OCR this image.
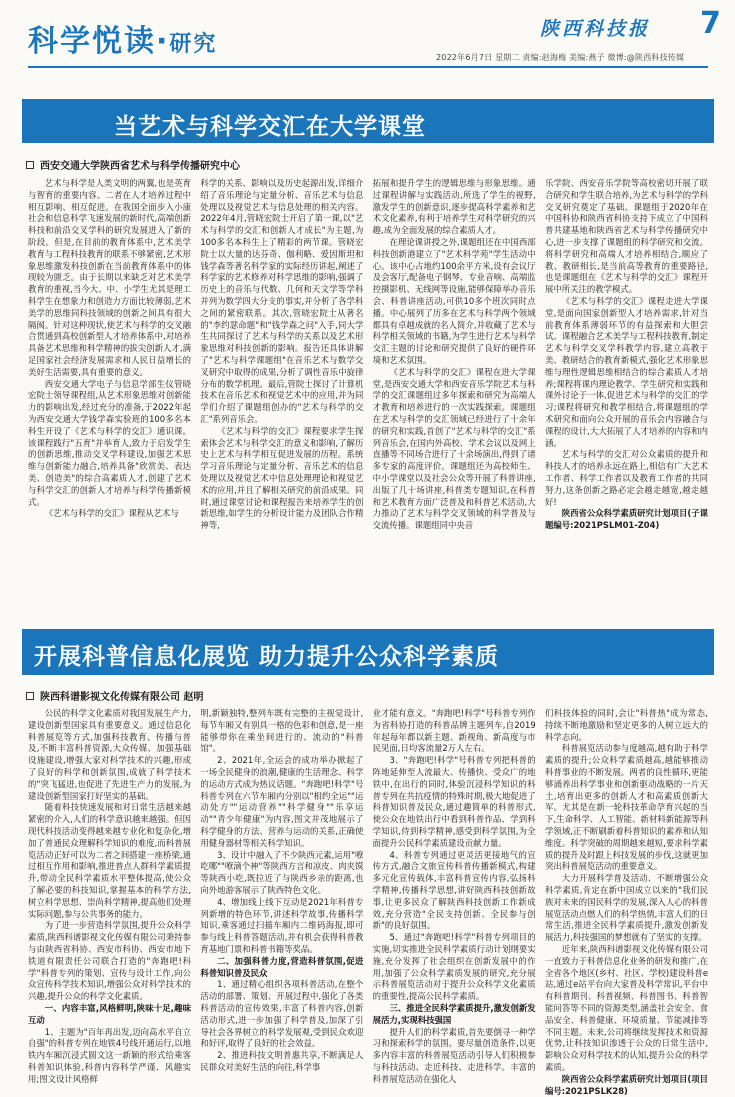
科学悦读·研究
陕西科技报 7
2022年6月7日 星期二 责编:赵海梅 美编:燕子 微博:@陕西科技传媒
当艺术与科学交汇在大学课堂
西安交通大学陕西省艺术与科学传播研究中心

艺术与科学是人类文明的两翼,也是英育与智育的重要内容。二者在人才培养过程中相互影响、相互促进。在我国全面步入小康社会和信息科学飞速发展的新时代,高端创新科技和前沿交叉学科的研究发展进入了新的阶段。但是,在目前的教育体系中,艺术美学教育与工程科技教育的联系不够紧密,艺术形象思维激发科技创新在当前教育体系中的体现较为匮乏。由于长期以来缺乏对艺术美学教育的重视,当今大、中、小学生尤其是理工科学生在想象力和创造力方面比较薄弱,艺术美学的思维同科技领域的创新之间具有很大隔阂。针对这种现状,使艺术与科学的交叉融合贯通到高校创新型人才培养体系中,对培养具备艺术思维和科学精神的拔尖创新人才,满足国家社会经济发展需求和人民日益增长的美好生活需要,具有重要的意义。

西安交通大学电子与信息学部生仪管晓宏院士领导课程组,从艺术形象思维对创新能力的影响出发,经过充分的准备,于2022年起为西安交通大学钱学森实验班的100多名本科生开设了《艺术与科学的交汇》通识课。该课程践行"五育"并举育人,致力于启发学生的创新思维,推动交叉学科建设,加强艺术思维与创新能力融合,培养具备"欣赏美、表达美、创造美"的综合高素质人才,创建了艺术与科学交汇的创新人才培养与科学传播新模式。

《艺术与科学的交汇》课程从艺术与

科学的关系、影响以及历史起源出发,详细介绍了音乐理论与定量分析、音乐艺术与信息处理以及视觉艺术与信息处理的相关内容。2022年4月,管晓宏院士开启了第一课,以"艺术与科学的交汇和创新人才成长"为主题,为100多名本科生上了精彩的两节课。管晓宏院士以大量的达芬奇、伽利略、爱因斯坦和钱学森等著名科学家的实际经历讲起,阐述了科学家的艺术修养对科学思维的影响,强调了历史上的音乐与代数、几何和天文学等学科并列为数学四大分支的事实,并分析了各学科之间的紧密联系。其次,管晓宏院士从著名的"李约瑟命题"和"钱学森之问"入手,同大学生共同探讨了艺术与科学的关系以及艺术形象思维对科技创新的影响。报告还具体讲解了"艺术与科学课题组"在音乐艺术与数学交叉研究中取得的成果,分析了调性音乐中旋律分布的数学机理。最后,管院士探讨了计算机技术在音乐艺术和视觉艺术中的应用,并为同学们介绍了课题组创办的"艺术与科学的交汇"系列音乐会。

《艺术与科学的交汇》课程要求学生探索体会艺术与科学交汇的意义和影响,了解历史上艺术与科学相互促进发展的历程。系统学习音乐理论与定量分析、音乐艺术的信息处理以及视觉艺术中信息处理理论和视觉艺术的应用,并且了解相关研究的前沿成果。同时,通过课堂讨论和课程报告来培养学生的创新思维,如学生的分析设计能力及团队合作精神等,

拓展和提升学生的逻辑思维与形象思维。通过课程讲解与实践活动,所选了学生的视野,激发学生的创新意识,逐步提高科学素养和艺术文化素养,有利于培养学生对科学研究的兴趣,成为全面发展的综合素质人才。

在理论课讲授之外,课题组还在中国西部科技创新港建立了"艺术科学苑"学生活动中心。该中心占地约100余平方米,设有会议厅及会客厅,配备电子钢琴、专业音响、高端监控摄影机、无线网等设施,能够保障举办音乐会、科普讲座活动,可供10多个班次同时点播。中心展列了历多在艺术与科学两个领域都具有卓越成就的名人简介,并收藏了艺术与科学相关领域的书籍,为学生进行艺术与科学交汇主题的讨论和研究提供了良好的硬件环境和艺术氛围。

《艺术与科学的交汇》课程在进大学课堂,是西安交通大学和西安音乐学院艺术与科学的交汇课题组过多年探索和研究为高端人才教育和培养进行的一次实践探索。课题组在艺术与科学的交汇领域已经进行了十余年的研究和实践,首创了"艺术与科学的交汇"系列音乐会,在国内外高校、学术会议以及网上直播等不同场合进行了十余场演出,得到了诸多专家的高度评价。课题组还为高校师生、中小学课堂以及社会公众等开展了科普讲座,出版了几十场讲座,科普类专题知识,在科普和艺术教育方面广泛普及和科普艺术活动,大力推动了艺术与科学交叉领域的科学普及与交流传播。课题组同中央音

乐学院、西安音乐学院等高校密切开展了联合研究和学生联合培养,为艺术与科学的学科交叉研究奠定了基础。课题组于2020年在中国科协和陕西省科协支持下成立了中国科普共建基地和陕西省艺术与科学传播研究中心,进一步支撑了课题组的科学研究和交流。将科学研究和高端人才培养相结合,顺应了教、教研相长,是当前高等教育的重要路径,也是课题组在《艺术与科学的交汇》课程开展中所关注的教学模式。

《艺术与科学的交汇》课程走进大学课堂,是面向国家创新型人才培养需求,针对当前教育体系薄弱环节的有益探索和大胆尝试。课程融合艺术美学与工程科技教育,制定艺术与科学交叉学科教学内容,建立高教于美、教研结合的教育新模式,强化艺术形象思维与理性逻辑思维相结合的综合素质人才培养;课程将课内理论教学、学生研究和实践和课外讨论于一体,促进艺术与科学的交汇的学习;课程将研究和教学相结合,将课题组的学术研究和面向公众开展的音乐会内容融合与课程的设计,大大拓展了人才培养的内容和内涵。

艺术与科学的交汇对公众素质的提升和科技人才的培养永远在路上,相信有广大艺术工作者、科学工作者以及教育工作者的共同努力,这条创新之路必定会越走越宽,越走越好!

陕西省公众科学素质研究计划项目(子课题编号:2021PSLM01-Z04)

开展科普信息化展览 助力提升公众科学素质
陕西科谱影视文化传媒有限公司 赵明

公民的科学文化素质对我国发展生产力,建设创新型国家具有重要意义。通过信息化科普展览等方式,加强科技教育、传播与普及,不断丰富科普资源,大众传媒、加强基础设施建设,增强大家对科学技术的兴趣,形成了良好的科学和创新氛围,成就了科学技术的"突飞猛进,也促进了先进生产力的发展,为建设创新型国家打好坚实的基础。

随着科技快速发展和对日常生活越来越紧密的介入,人们的科学意识越来越强。但因现代科技活动变得越来越专业化和复杂化,增加了普通民众理解科学知识的难度,而科普展览活动正好可以为二者之间搭建一座桥梁,通过相互作用和影响,推进普点人群科学素质提升,带动全民科学素质水平整体提高,使公众了解必要的科技知识,掌握基本的科学方法,树立科学思想、崇尚科学精神,提高他们处理实际问题,参与公共事务的能力。

为了进一步营造科学氛围,提升公众科学素质,陕西科谱影视文化传媒有限公司秉持参与由陕西省科协、西安市科协、西安市地下铁道有限责任公司联合打造的"奔跑吧!科学"科普专列的策划、宣传与设计工作,向公众宣传科学技术知识,增强公众对科学技术的兴趣,提升公众的科学文化素质。

一、内容丰富,风格鲜明,陕味十足,趣味互动

1、主题为"百年再出发,迈向高水平自立自强"的科普专列在地铁4号线开通运行,以地铁内车厢沉浸式圆文这一新颖的形式给乘客科普知识体验,科普内容科学严谨、风趣实用;图文设计风格鲜

明,新颖独特,整列车既有完整的主视觉设计,每节车厢又有别具一格的色彩和创意,是一座能够带你在乘坐间进行的、流动的"科普馆"。

2、2021年,全运会的成功举办掀起了一场全民健身的浪潮,健康的生活理念、科学的运动方式成为热议话题。"奔跑吧!科学"号科普专列在六节车厢内分别以"相约全运""运动处方""运动营养""科学健身""乐享运动""青少年健康"为内容,图文并茂地展示了科学健身的方法、营养与运动的关系,正确使用健身器材等相关科学知识。

3、设计中融入了不少陕西元素,运用"嘹吃哪""嘹滴个神"等陕西方言和凉皮、肉夹馍等陕西小吃,既拉近了与陕西乡亲的距离,也向外地游客展示了陕西特色文化。

4、增加线上线下互动是2021年科普专列新增的特色环节,讲述科学故事,传播科学知识,乘客通过扫描车厢内二维码海报,即可参与线上科普答题活动,并有机会获得科普教育基地门票和科普书籍等奖品。

二、加强科普力度,营造科普氛围,促进科普知识普及民众

1、通过精心组织各项科普活动,在整个活动的部署、策划、开展过程中,强化了各类科普活动的宣传效果,丰富了科普内容,创新活动形式,进一步加强了科学普及,加深了引导社会各界树立的科学发展观,受到民众欢迎和好评,取得了良好的社会效益。

2、推进科技文明普惠共享,不断满足人民群众对美好生活的向往,科学事

业才能有意义。"奔跑吧!科学"号科普专列作为省科协打造的科普品牌主题列车,自2019年起每年都以新主题、新视角、新高度与市民见面,日均客流量2万人左右。

3、"奔跑吧!科学"号科普专列把科普的阵地延伸至人流最大、传播快、受众广的地铁中,在出行的同时,体验沉浸科学知识的科普专列在共抗疫情的特殊时期,极大地促进了科普知识普及民众,通过趣简单的科普形式,使公众在地铁出行中看到科普作品、学到科学知识,侍到科学精神,感受到科学氛围,为全面提升公民科学素质建设贡献力量。

4、科普专列通过更灵活更接地气的宣传方式,融合文旅宣传科普传播新模式,构建多元化宣传载体,丰富科普宣传内容,弘扬科学精神,传播科学思想,讲好陕西科技创新故事,让更多民众了解陕西科技创新工作新成效,充分营造"全民支持创新、全民参与创新"的良好氛围。

5、通过"奔跑吧!科学"科普专列项目的实施,切实推进全民科学素质行动计划纲要实施,充分发挥了社会组织在创新发展中的作用,加强了公众科学素质发展的研究,充分展示科普展览活动对于提升公众科学文化素质的重要性,提高公民科学素质。

三、推进全民科学素质提升,激发创新发展活力,实现科技强国

提升人们的科学素质,首先要倒寻一种学习和探索科学的氛围。要尽量创造条件,以更多内容丰富的科普展览活动引导人们积极参与科技活动、走近科技、走进科学。丰富的科普展览活动在强化人

们科技体验的同时,会让"科普热"成为常态,持续不断地激励和坚定更多的人树立远大的科学志向。

科普展览活动参与度越高,越有助于科学素质的提升;公众科学素质越高,越能够推动科普事业的不断发展。两者的良性循环,更能够涌养出科学事业和创新驱动战略的一片天土,培育出更多的创新人才和高素质创新大军。尤其是在新一轮科技革命孕育兴起的当下,生命科学、人工智能、新材料新能源等科学领域,正不断刷新着科普知识的素养和认知维度。科学突破的周期越来越短,要求科学素质的提升及时跟上科技发展的步伐,这就更加突出科普展览活动的重要意义。

大力开展科学普及活动、不断增强公众科学素质,肯定在新中国成立以来的"我们民族对未来的国民科学的发展,深入人心的科普展览活动点燃人们的科学热情,丰富人们的日常生活,推进全民科学素质提升,激发创新发展活力,科技强国的梦想就有了坚实的支撑。

近年来,陕西科谱影视文化传媒有限公司一直致力于科普信息化业务的研发和推广,在全省各个地区(乡村、社区、学校)建设科普e站,通过e站平台向大家普及科学常识,平台中有科普期刊、科普视频、科普图书、科普智能问答等不同的资源类型,涵盖社会安全、食品安全、科普健康、环境质量、节能减排等不同主题。未来,公司将继续发挥技术和资源优势,让科技知识渗透于公众的日常生活中,影响公众对科学技术的认知,提升公众的科学素质。

陕西省公众科学素质研究计划项目(项目编号:2021PSLK28)
